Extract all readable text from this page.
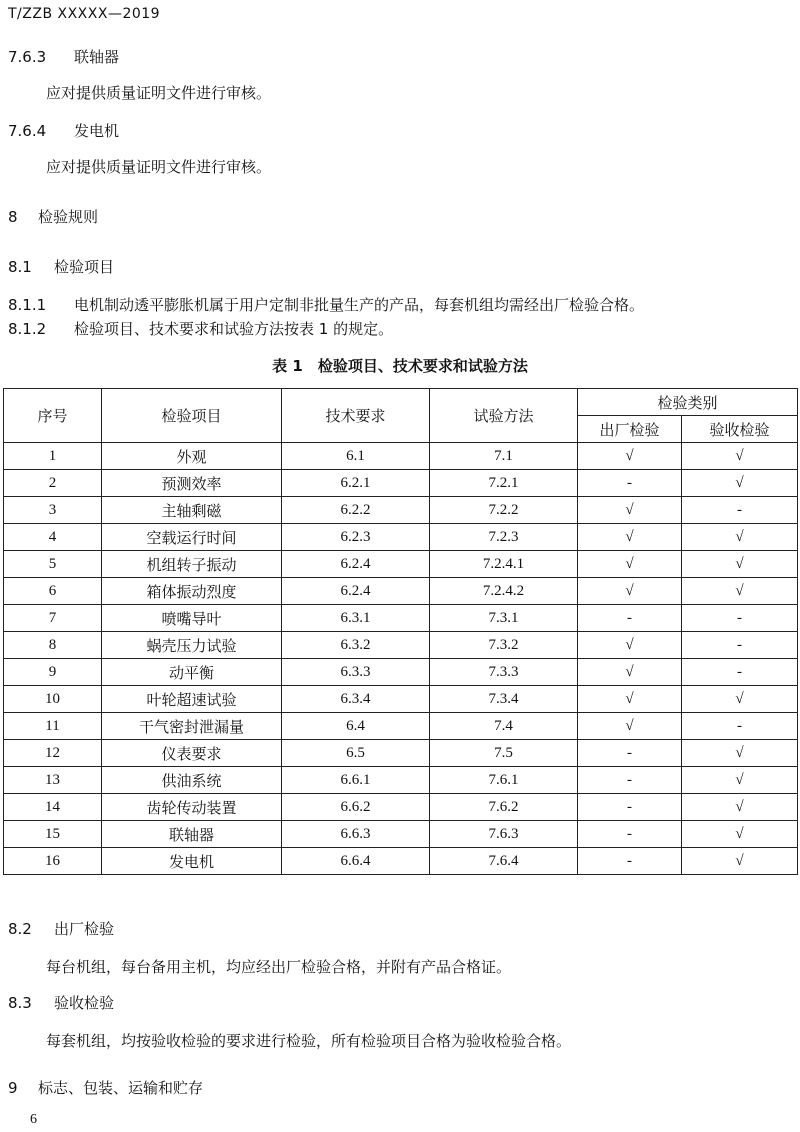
T/ZZB XXXXX—2019
7.6.3 联轴器
应对提供质量证明文件进行审核。
7.6.4 发电机
应对提供质量证明文件进行审核。
8 检验规则
8.1 检验项目
8.1.1 电机制动透平膨胀机属于用户定制非批量生产的产品，每套机组均需经出厂检验合格。
8.1.2 检验项目、技术要求和试验方法按表 1 的规定。
表 1　检验项目、技术要求和试验方法
序号	检验项目	技术要求	试验方法	检验类别	
				出厂检验	验收检验
1	外观	6.1	7.1	√	√
2	预测效率	6.2.1	7.2.1	-	√
3	主轴剩磁	6.2.2	7.2.2	√	-
4	空载运行时间	6.2.3	7.2.3	√	√
5	机组转子振动	6.2.4	7.2.4.1	√	√
6	箱体振动烈度	6.2.4	7.2.4.2	√	√
7	喷嘴导叶	6.3.1	7.3.1	-	-
8	蜗壳压力试验	6.3.2	7.3.2	√	-
9	动平衡	6.3.3	7.3.3	√	-
10	叶轮超速试验	6.3.4	7.3.4	√	√
11	干气密封泄漏量	6.4	7.4	√	-
12	仪表要求	6.5	7.5	-	√
13	供油系统	6.6.1	7.6.1	-	√
14	齿轮传动装置	6.6.2	7.6.2	-	√
15	联轴器	6.6.3	7.6.3	-	√
16	发电机	6.6.4	7.6.4	-	√
8.2 出厂检验
每台机组，每台备用主机，均应经出厂检验合格，并附有产品合格证。
8.3 验收检验
每套机组，均按验收检验的要求进行检验，所有检验项目合格为验收检验合格。
9 标志、包装、运输和贮存
6
